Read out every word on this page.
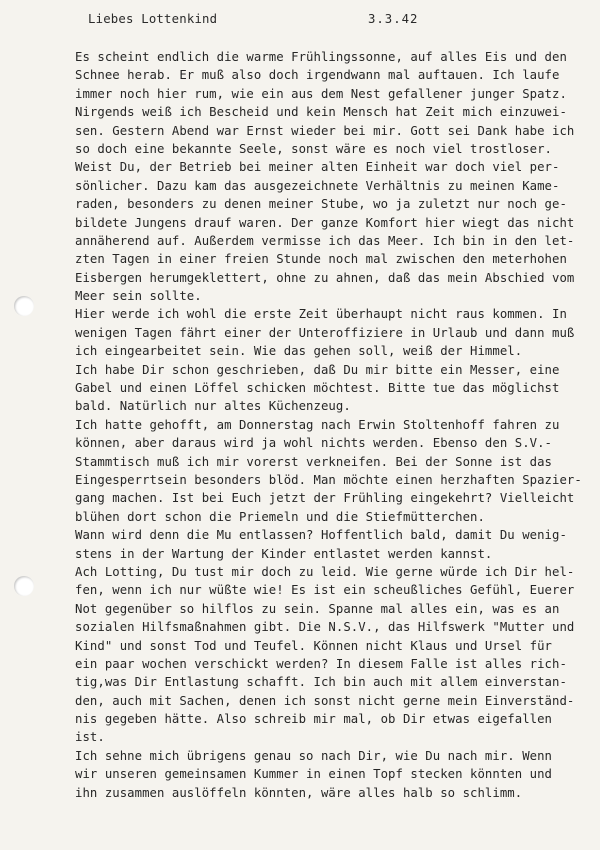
Liebes Lottenkind	3.3.42
Es scheint endlich die warme Frühlingssonne, auf alles Eis und den
Schnee herab. Er muß also doch irgendwann mal auftauen. Ich laufe
immer noch hier rum, wie ein aus dem Nest gefallener junger Spatz.
Nirgends weiß ich Bescheid und kein Mensch hat Zeit mich einzuwei-
sen. Gestern Abend war Ernst wieder bei mir. Gott sei Dank habe ich
so doch eine bekannte Seele, sonst wäre es noch viel trostloser.
Weist Du, der Betrieb bei meiner alten Einheit war doch viel per-
sönlicher. Dazu kam das ausgezeichnete Verhältnis zu meinen Kame-
raden, besonders zu denen meiner Stube, wo ja zuletzt nur noch ge-
bildete Jungens drauf waren. Der ganze Komfort hier wiegt das nicht
annäherend auf. Außerdem vermisse ich das Meer. Ich bin in den let-
zten Tagen in einer freien Stunde noch mal zwischen den meterhohen
Eisbergen herumgeklettert, ohne zu ahnen, daß das mein Abschied vom
Meer sein sollte.
Hier werde ich wohl die erste Zeit überhaupt nicht raus kommen. In
wenigen Tagen fährt einer der Unteroffiziere in Urlaub und dann muß
ich eingearbeitet sein. Wie das gehen soll, weiß der Himmel.
Ich habe Dir schon geschrieben, daß Du mir bitte ein Messer, eine
Gabel und einen Löffel schicken möchtest. Bitte tue das möglichst
bald. Natürlich nur altes Küchenzeug.
Ich hatte gehofft, am Donnerstag nach Erwin Stoltenhoff fahren zu
können, aber daraus wird ja wohl nichts werden. Ebenso den S.V.-
Stammtisch muß ich mir vorerst verkneifen. Bei der Sonne ist das
Eingesperrtsein besonders blöd. Man möchte einen herzhaften Spazier-
gang machen. Ist bei Euch jetzt der Frühling eingekehrt? Vielleicht
blühen dort schon die Priemeln und die Stiefmütterchen.
Wann wird denn die Mu entlassen? Hoffentlich bald, damit Du wenig-
stens in der Wartung der Kinder entlastet werden kannst.
Ach Lotting, Du tust mir doch zu leid. Wie gerne würde ich Dir hel-
fen, wenn ich nur wüßte wie! Es ist ein scheußliches Gefühl, Euerer
Not gegenüber so hilflos zu sein. Spanne mal alles ein, was es an
sozialen Hilfsmaßnahmen gibt. Die N.S.V., das Hilfswerk "Mutter und
Kind" und sonst Tod und Teufel. Können nicht Klaus und Ursel für
ein paar wochen verschickt werden? In diesem Falle ist alles rich-
tig,was Dir Entlastung schafft. Ich bin auch mit allem einverstan-
den, auch mit Sachen, denen ich sonst nicht gerne mein Einverständ-
nis gegeben hätte. Also schreib mir mal, ob Dir etwas eigefallen
ist.
Ich sehne mich übrigens genau so nach Dir, wie Du nach mir. Wenn
wir unseren gemeinsamen Kummer in einen Topf stecken könnten und
ihn zusammen auslöffeln könnten, wäre alles halb so schlimm.
